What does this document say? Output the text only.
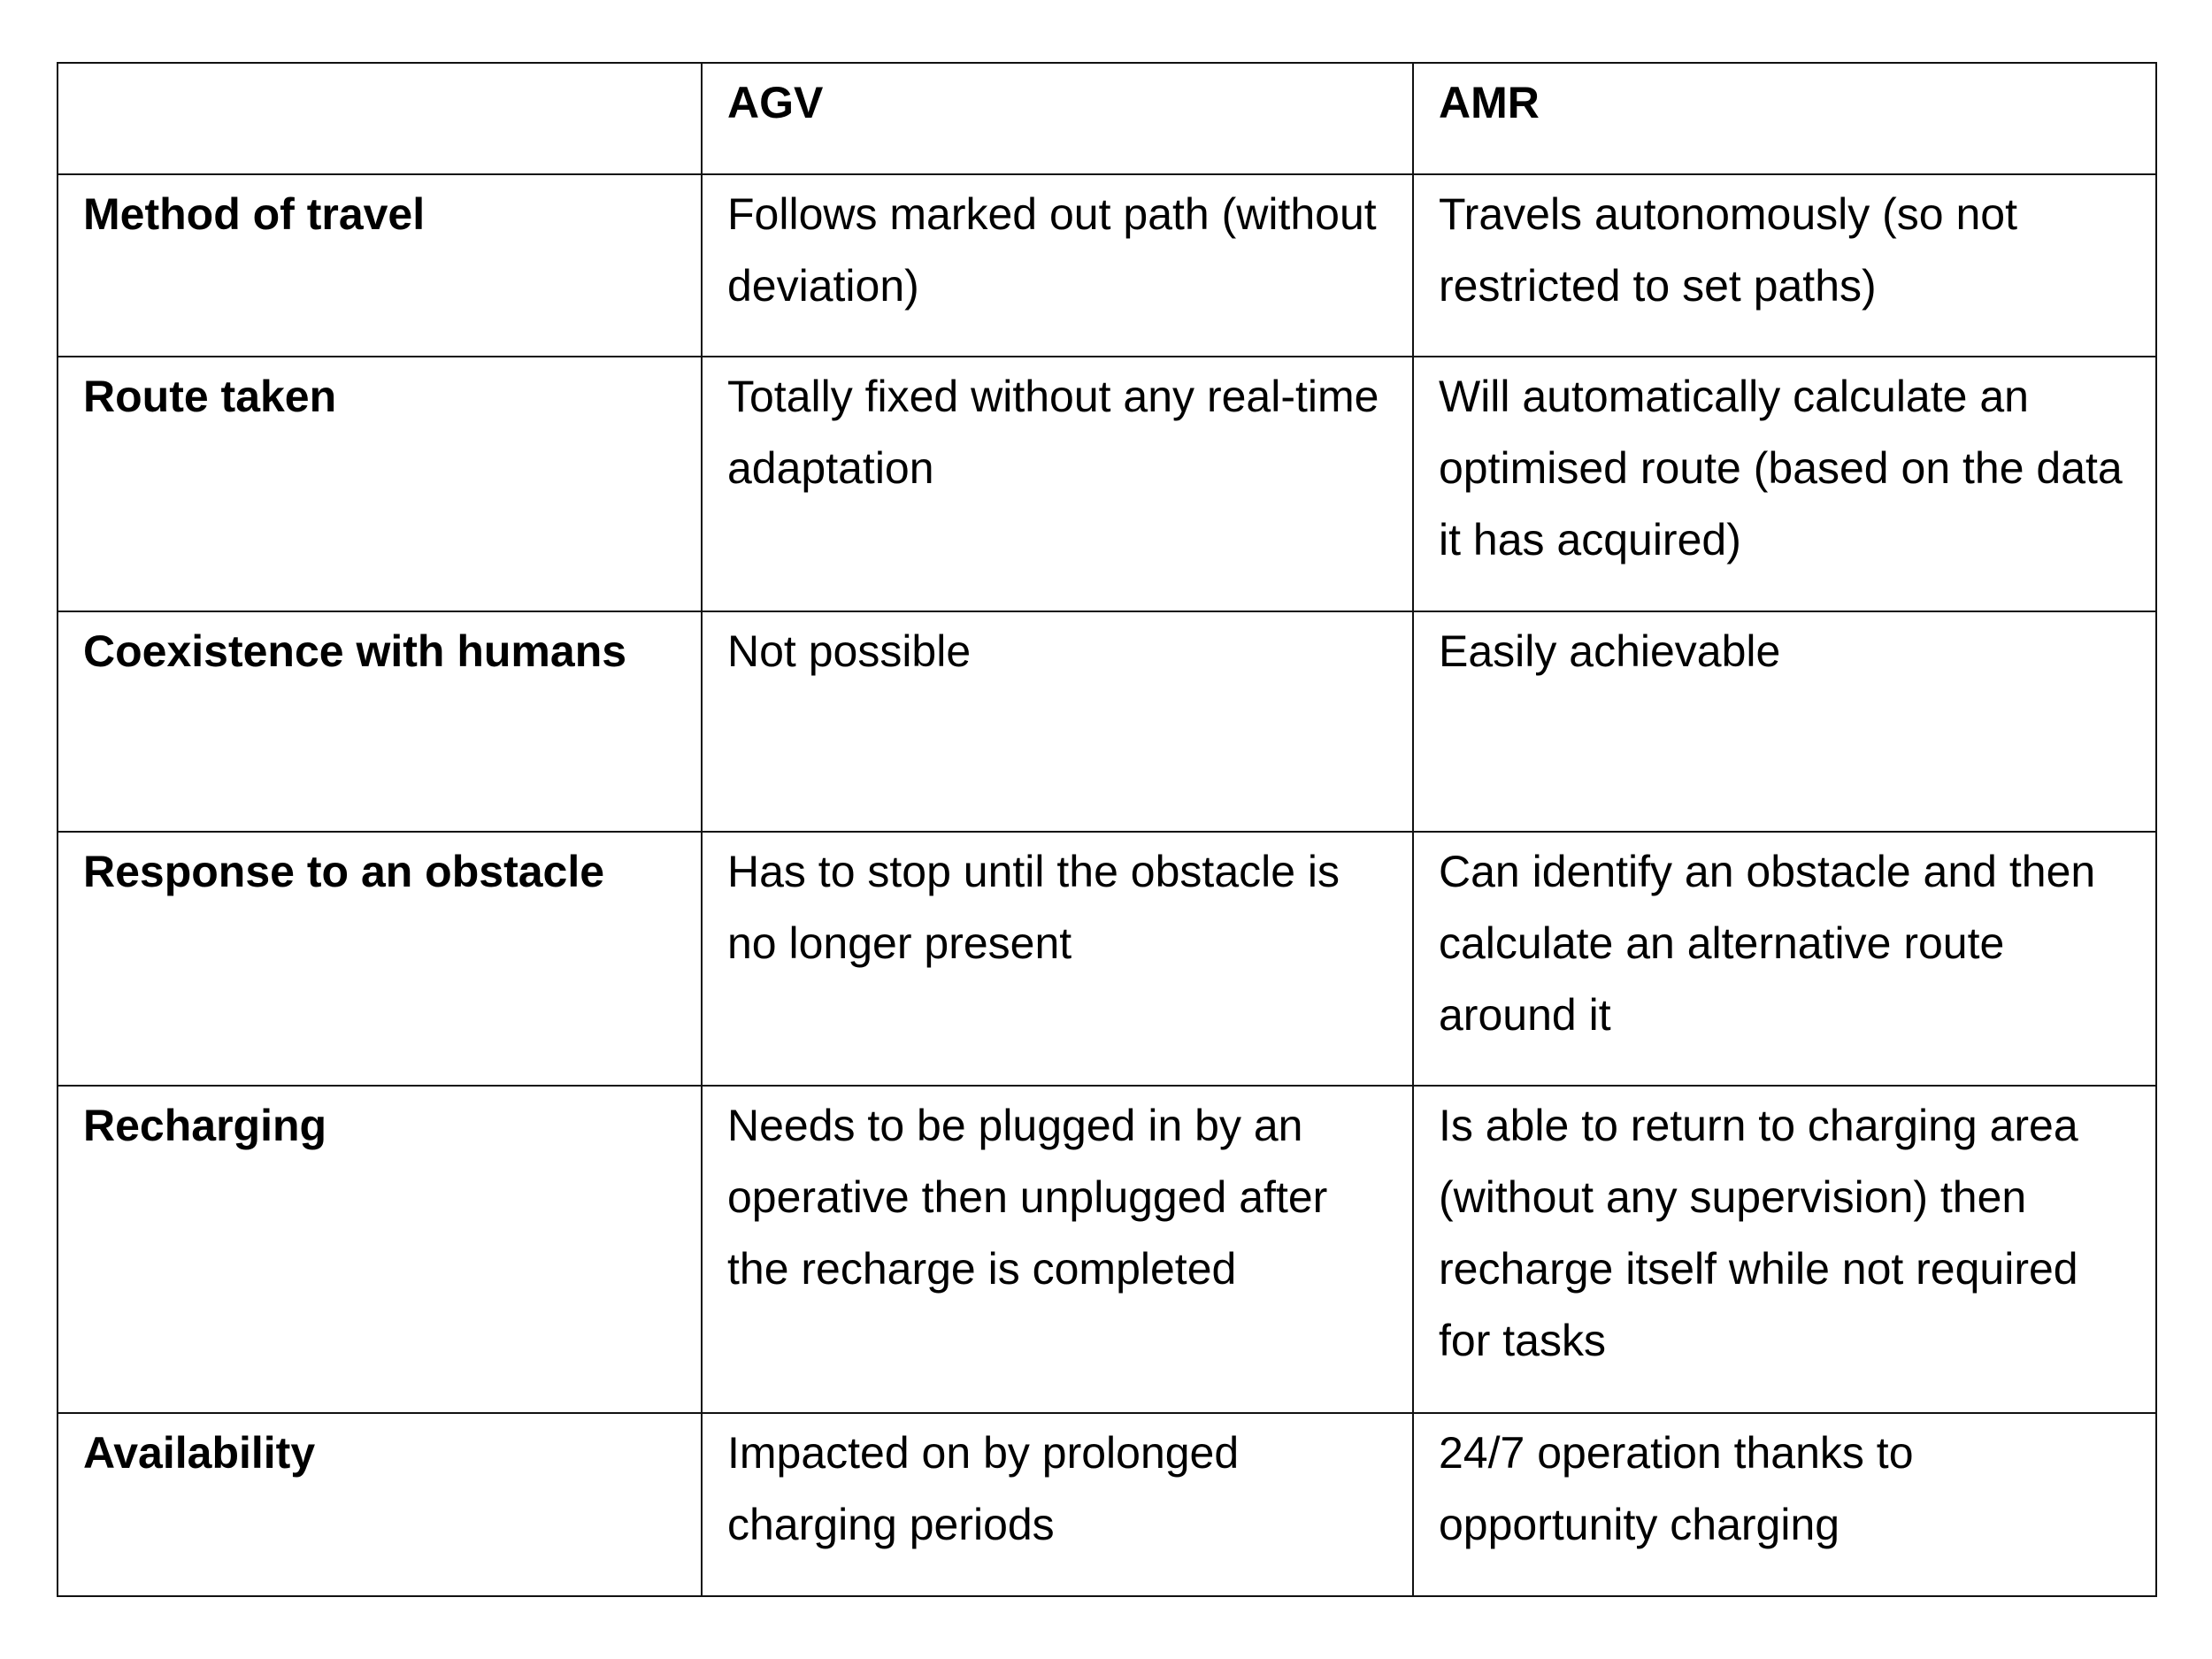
	AGV	AMR
Method of travel	Follows marked out path (without deviation)	Travels autonomously (so not restricted to set paths)
Route taken	Totally fixed without any real-time adaptation	Will automatically calculate an optimised route (based on the data it has acquired)
Coexistence with humans	Not possible	Easily achievable
Response to an obstacle	Has to stop until the obstacle is no longer present	Can identify an obstacle and then calculate an alternative route around it
Recharging	Needs to be plugged in by an operative then unplugged after the recharge is completed	Is able to return to charging area (without any supervision) then recharge itself while not required for tasks
Availability	Impacted on by prolonged charging periods	24/7 operation thanks to opportunity charging
